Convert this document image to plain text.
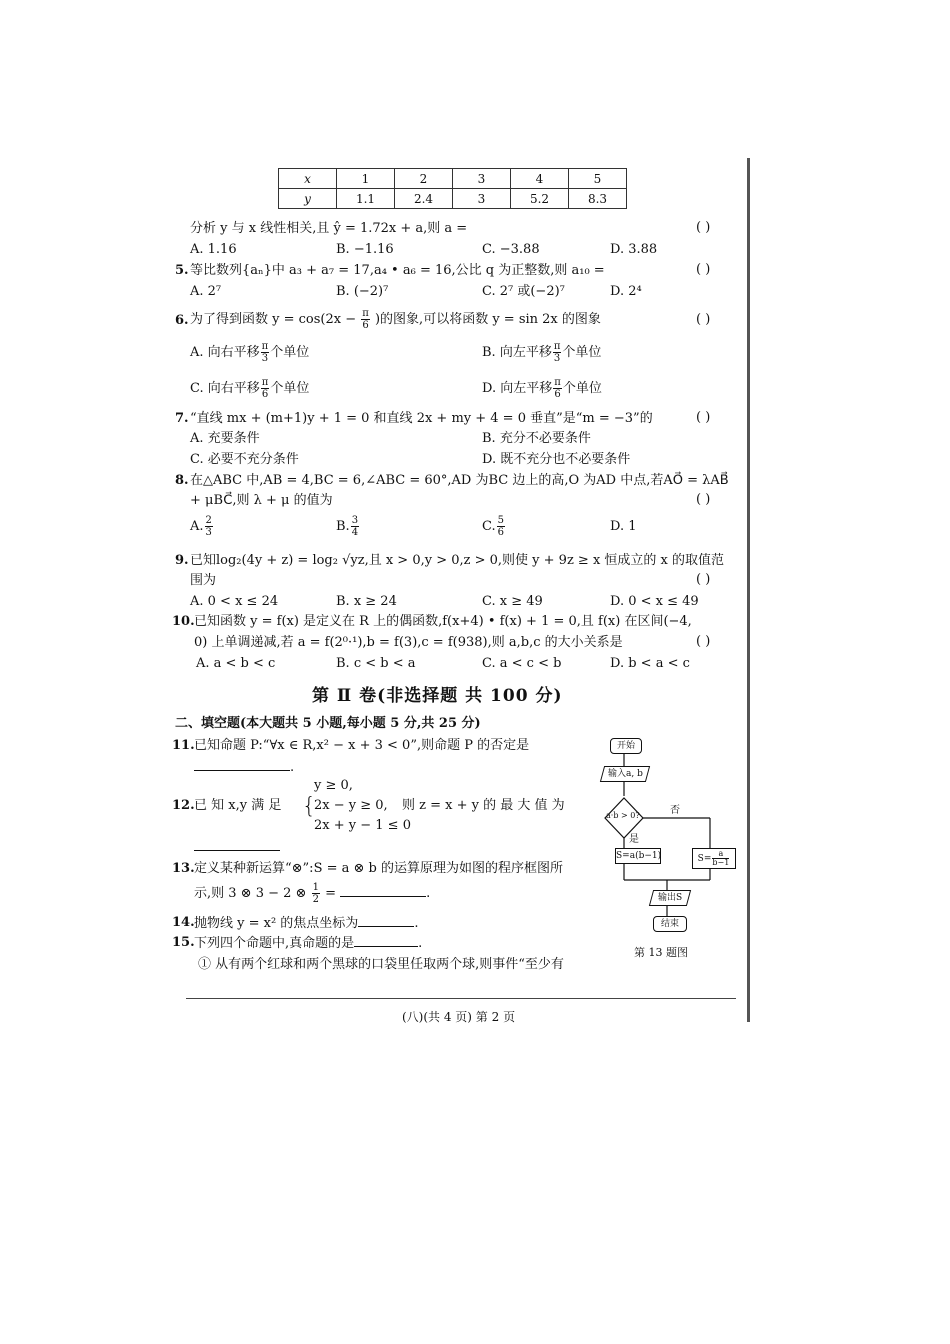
x	1	2	3	4	5
y	1.1	2.4	3	5.2	8.3
分析 y 与 x 线性相关,且 ŷ = 1.72x + a,则 a =	( )
A. 1.16	B. −1.16	C. −3.88	D. 3.88
5. 等比数列{aₙ}中 a₃ + a₇ = 17,a₄ • a₆ = 16,公比 q 为正整数,则 a₁₀ =	( )
A. 2⁷	B. (−2)⁷	C. 2⁷ 或(−2)⁷	D. 2⁴
6. 为了得到函数 $y = \cos(2x - \frac{\pi}{6}$ )的图象,可以将函数 y = sin 2x 的图象	( )
A. 向右平移 $\frac{\pi}{3}$ 个单位	B. 向左平移 $\frac{\pi}{3}$ 个单位
C. 向右平移 $\frac{\pi}{6}$ 个单位	D. 向左平移 $\frac{\pi}{6}$ 个单位
7. “直线 mx + (m+1)y + 1 = 0 和直线 2x + my + 4 = 0 垂直”是“m = −3”的	( )
A. 充要条件	B. 充分不必要条件
C. 必要不充分条件	D. 既不充分也不必要条件
8. 在△ABC 中,AB = 4,BC = 6,∠ABC = 60°,AD 为BC 边上的高,O 为AD 中点,若AO⃗ = λAB⃗
+ μBC⃗,则 λ + μ 的值为	( )
A. $\frac{2}{3}$	B. $\frac{3}{4}$	C. $\frac{5}{6}$	D. 1
9. 已知log₂(4y + z) = log₂ √yz,且 x > 0,y > 0,z > 0,则使 y + 9z ≥ x 恒成立的 x 的取值范
围为	( )
A. 0 < x ≤ 24	B. x ≥ 24	C. x ≥ 49	D. 0 < x ≤ 49
10. 已知函数 y = f(x) 是定义在 R 上的偶函数,f(x+4) • f(x) + 1 = 0,且 f(x) 在区间(−4,
0) 上单调递减,若 a = f(2⁰·¹),b = f(3),c = f(938),则 a,b,c 的大小关系是	( )
A. a < b < c	B. c < b < a	C. a < c < b	D. b < a < c
第 Ⅱ 卷(非选择题 共 100 分)
二、填空题(本大题共 5 小题,每小题 5 分,共 25 分)
11. 已知命题 P:“∀x ∈ R,x² − x + 3 < 0”,则命题 P 的否定是
.
12. 已 知 x,y 满 足 {
y ≥ 0,
2x − y ≥ 0,
2x + y − 1 ≤ 0
则 z = x + y 的 最 大 值 为
13. 定义某种新运算“⊗”:S = a ⊗ b 的运算原理为如图的程序框图所
示,则 3 ⊗ 3 − 2 ⊗ $\frac{1}{2}$ =	.
14. 抛物线 y = x² 的焦点坐标为	.
15. 下列四个命题中,真命题的是	.
① 从有两个红球和两个黑球的口袋里任取两个球,则事件“至少有
开始
输入a, b
a·b > 0?	否
是
S=a(b−1)	$S= \frac{a}{b-1}$
输出S
结束
第 13 题图
(八)(共 4 页) 第 2 页
